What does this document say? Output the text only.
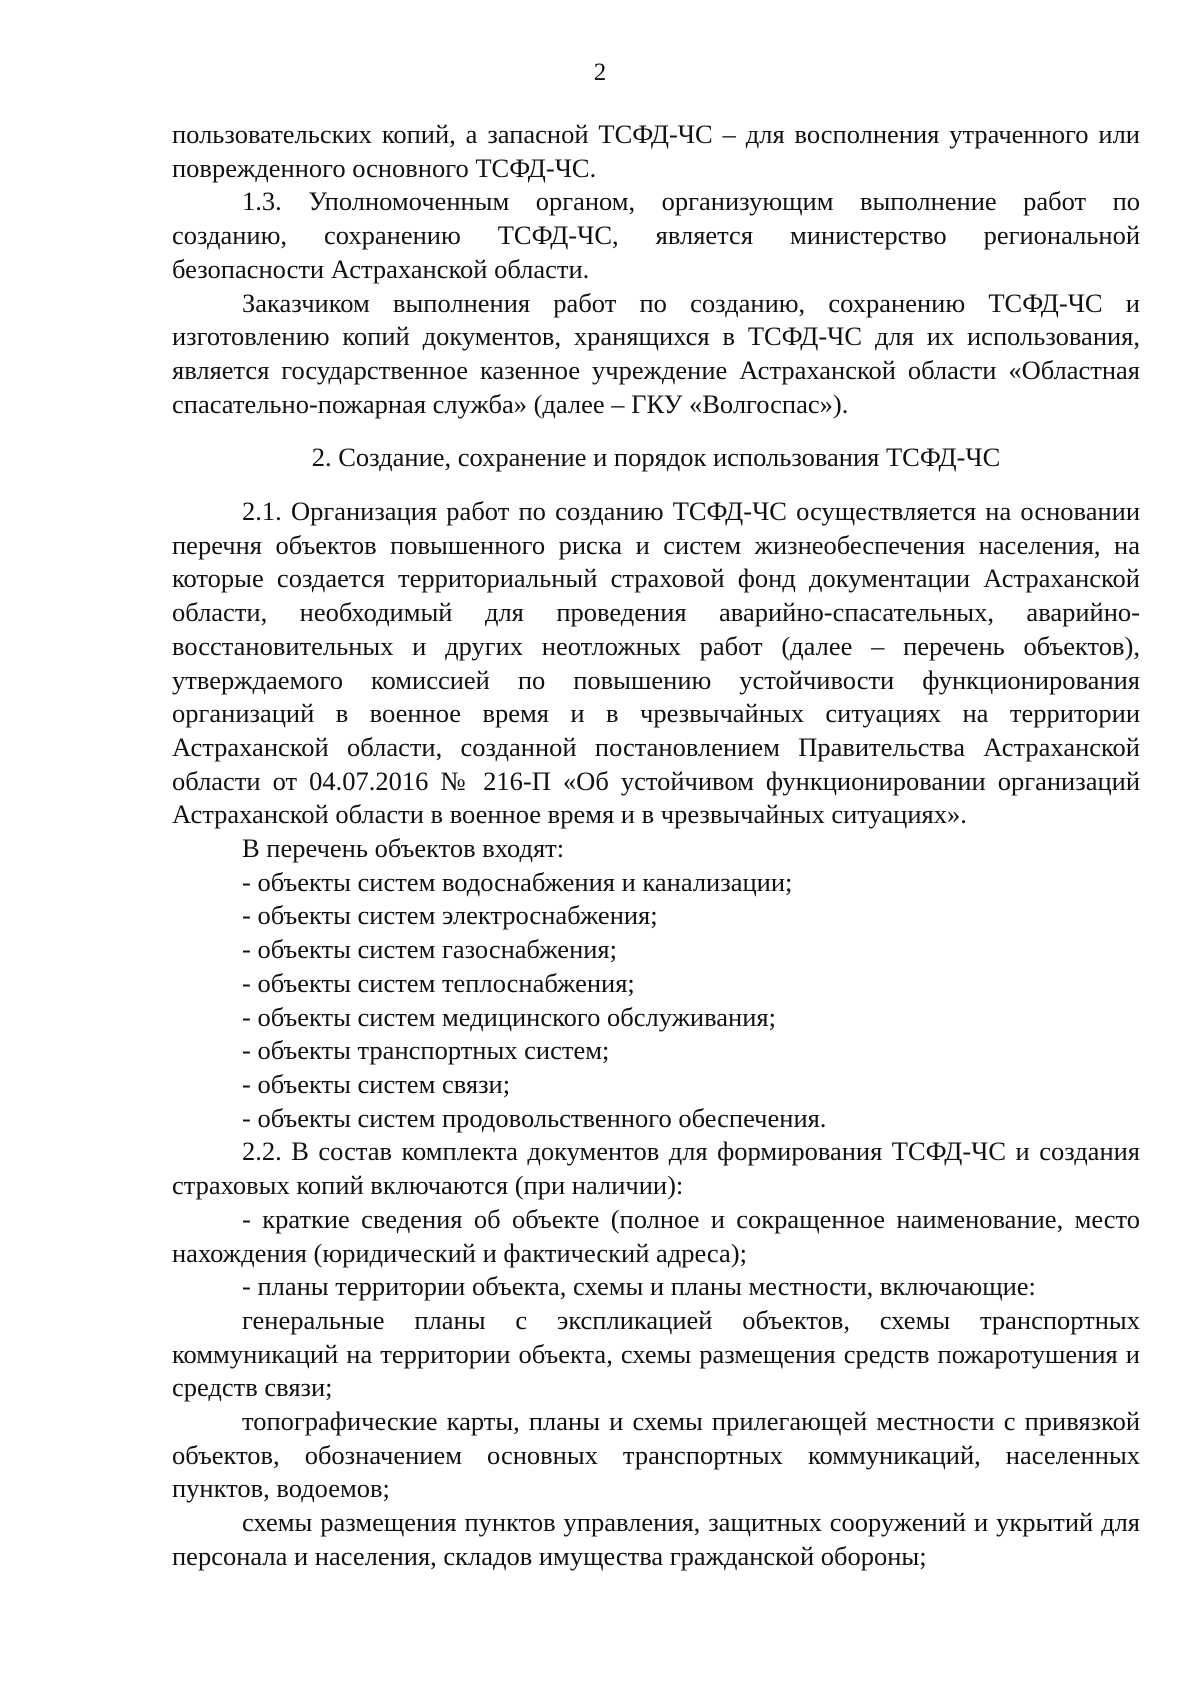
2

пользовательских копий, а запасной ТСФД-ЧС – для восполнения утраченного или поврежденного основного ТСФД-ЧС.

1.3. Уполномоченным органом, организующим выполнение работ по созданию, сохранению ТСФД-ЧС, является министерство региональной безопасности Астраханской области.

Заказчиком выполнения работ по созданию, сохранению ТСФД-ЧС и изготовлению копий документов, хранящихся в ТСФД-ЧС для их использования, является государственное казенное учреждение Астраханской области «Областная спасательно-пожарная служба» (далее – ГКУ «Волгоспас»).

2. Создание, сохранение и порядок использования ТСФД-ЧС

2.1. Организация работ по созданию ТСФД-ЧС осуществляется на основании перечня объектов повышенного риска и систем жизнеобеспечения населения, на которые создается территориальный страховой фонд документации Астраханской области, необходимый для проведения аварийно-спасательных, аварийно-восстановительных и других неотложных работ (далее – перечень объектов), утверждаемого комиссией по повышению устойчивости функционирования организаций в военное время и в чрезвычайных ситуациях на территории Астраханской области, созданной постановлением Правительства Астраханской области от 04.07.2016 № 216-П «Об устойчивом функционировании организаций Астраханской области в военное время и в чрезвычайных ситуациях».

В перечень объектов входят:

- объекты систем водоснабжения и канализации;

- объекты систем электроснабжения;

- объекты систем газоснабжения;

- объекты систем теплоснабжения;

- объекты систем медицинского обслуживания;

- объекты транспортных систем;

- объекты систем связи;

- объекты систем продовольственного обеспечения.

2.2. В состав комплекта документов для формирования ТСФД-ЧС и создания страховых копий включаются (при наличии):

- краткие сведения об объекте (полное и сокращенное наименование, место нахождения (юридический и фактический адреса);

- планы территории объекта, схемы и планы местности, включающие:

генеральные планы с экспликацией объектов, схемы транспортных коммуникаций на территории объекта, схемы размещения средств пожаротушения и средств связи;

топографические карты, планы и схемы прилегающей местности с привязкой объектов, обозначением основных транспортных коммуникаций, населенных пунктов, водоемов;

схемы размещения пунктов управления, защитных сооружений и укрытий для персонала и населения, складов имущества гражданской обороны;
